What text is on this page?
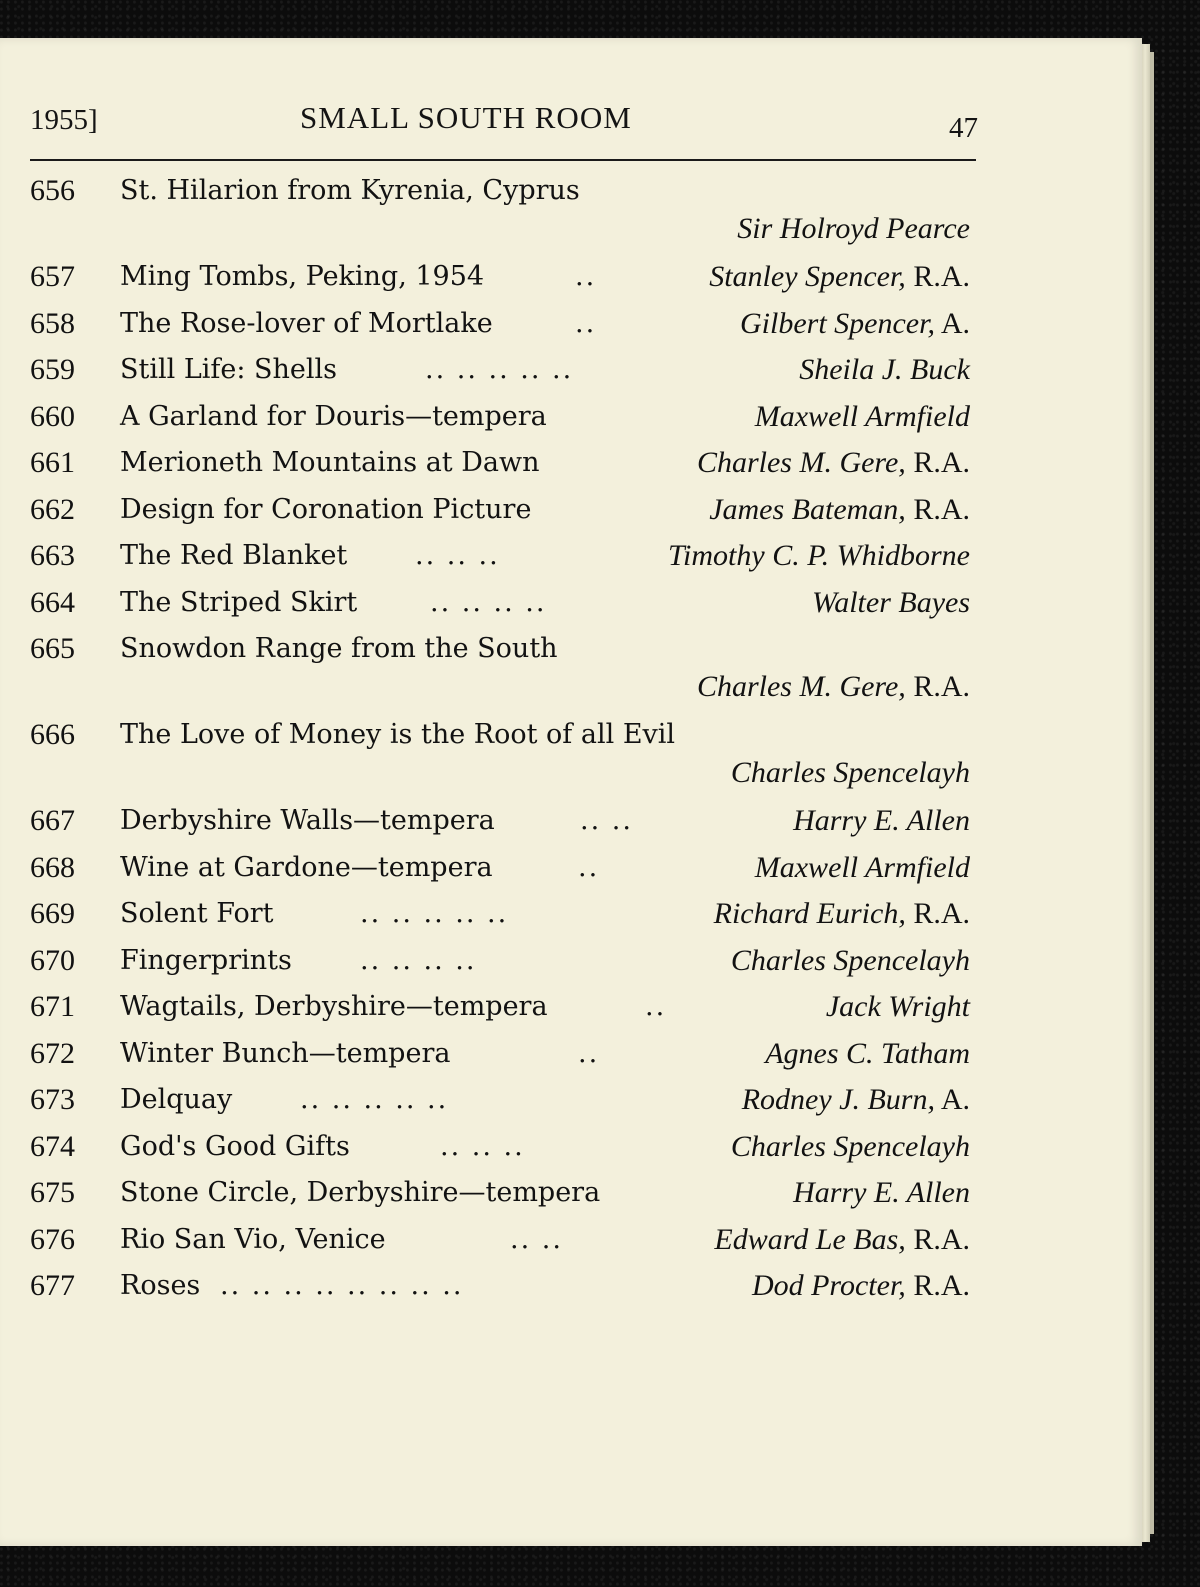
1955]	SMALL SOUTH ROOM	47
656 St. Hilarion from Kyrenia, Cyprus
Sir Holroyd Pearce
657 Ming Tombs, Peking, 1954	..	Stanley Spencer, R.A.
658 The Rose-lover of Mortlake	..	Gilbert Spencer, A.
659 Still Life: Shells	.. .. .. .. ..	Sheila J. Buck
660 A Garland for Douris—tempera	Maxwell Armfield
661 Merioneth Mountains at Dawn	Charles M. Gere, R.A.
662 Design for Coronation Picture	James Bateman, R.A.
663 The Red Blanket	.. .. ..	Timothy C. P. Whidborne
664 The Striped Skirt	.. .. .. ..	Walter Bayes
665 Snowdon Range from the South
Charles M. Gere, R.A.
666 The Love of Money is the Root of all Evil
Charles Spencelayh
667 Derbyshire Walls—tempera	.. ..	Harry E. Allen
668 Wine at Gardone—tempera	..	Maxwell Armfield
669 Solent Fort	.. .. .. .. ..	Richard Eurich, R.A.
670 Fingerprints	.. .. .. ..	Charles Spencelayh
671 Wagtails, Derbyshire—tempera	..	Jack Wright
672 Winter Bunch—tempera	..	Agnes C. Tatham
673 Delquay	.. .. .. .. ..	Rodney J. Burn, A.
674 God's Good Gifts	.. .. ..	Charles Spencelayh
675 Stone Circle, Derbyshire—tempera	Harry E. Allen
676 Rio San Vio, Venice	.. ..	Edward Le Bas, R.A.
677 Roses .. .. .. .. .. .. .. ..	Dod Procter, R.A.
